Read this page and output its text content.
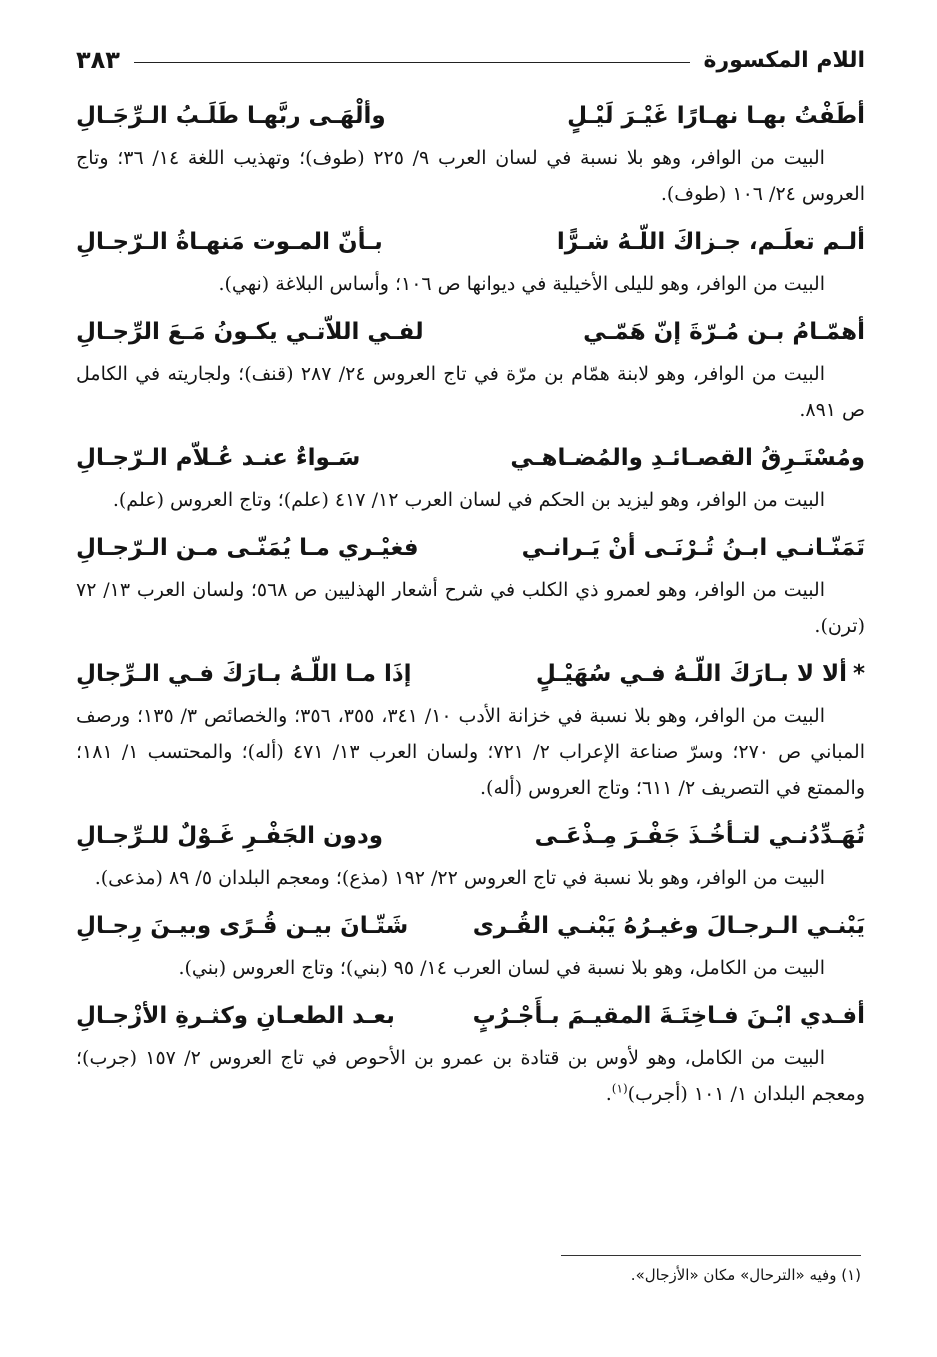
اللام المكسورة
٣٨٣
أطَفْتُ بهـا نهـارًا غَيْـرَ لَيْـلٍ
وألْهَـى ربَّهـا طَلَـبُ الـرِّجَـالِ

البيت من الوافر، وهو بلا نسبة في لسان العرب ٩/ ٢٢٥ (طوف)؛ وتهذيب اللغة ١٤/ ٣٦؛ وتاج العروس ٢٤/ ١٠٦ (طوف).

ألـم تعلَـم، جـزاكَ اللّـهُ شـرًّا
بـأنّ المـوت مَنهـاةُ الـرّجـالِ

البيت من الوافر، وهو لليلى الأخيلية في ديوانها ص ١٠٦؛ وأساس البلاغة (نهي).

أهمّـامُ بـن مُـرّةَ إنّ هَمّـي
لفـي اللاّتـي يكـونُ مَـعَ الرِّجـالِ

البيت من الوافر، وهو لابنة همّام بن مرّة في تاج العروس ٢٤/ ٢٨٧ (قنف)؛ ولجاريته في الكامل ص ٨٩١.

ومُسْتَـرِقُ القصـائـدِ والمُضـاهـي
سَـواءٌ عنـد عُـلاّم الـرّجـالِ

البيت من الوافر، وهو ليزيد بن الحكم في لسان العرب ١٢/ ٤١٧ (علم)؛ وتاج العروس (علم).

تَمَنّـانـي ابـنُ تُـرْنَـى أنْ يَـرانـي
فغيْـري مـا يُمَنّـى مـن الـرّجـالِ

البيت من الوافر، وهو لعمرو ذي الكلب في شرح أشعار الهذليين ص ٥٦٨؛ ولسان العرب ١٣/ ٧٢ (ترن).

*ألا لا بـارَكَ اللّـهُ فـي سُهَيْـلٍ
إذَا مـا اللّـهُ بـارَكَ فـي الـرِّجالِ

البيت من الوافر، وهو بلا نسبة في خزانة الأدب ١٠/ ٣٤١، ٣٥٥، ٣٥٦؛ والخصائص ٣/ ١٣٥؛ ورصف المباني ص ٢٧٠؛ وسرّ صناعة الإعراب ٢/ ٧٢١؛ ولسان العرب ١٣/ ٤٧١ (أله)؛ والمحتسب ١/ ١٨١؛ والممتع في التصريف ٢/ ٦١١؛ وتاج العروس (أله).

تُهَـدِّدُنـي لتـأخُـذَ جَفْـرَ مِـذْعَـى
ودون الجَفْـرِ غَـوْلٌ للـرِّجـالِ

البيت من الوافر، وهو بلا نسبة في تاج العروس ٢٢/ ١٩٢ (مذع)؛ ومعجم البلدان ٥/ ٨٩ (مذعى).

يَبْنـي الـرجـالَ وغيـرُهُ يَبْنـي القُـرى
شَتّـانَ بيـن قُـرًى وبيـنَ رِجـالِ

البيت من الكامل، وهو بلا نسبة في لسان العرب ١٤/ ٩٥ (بني)؛ وتاج العروس (بني).

أفـدي ابْـنَ فـاخِتَـةَ المقيـمَ بـأَجْـرُبٍ
بعـد الطعـانِ وكثـرةِ الأزْجـالِ

البيت من الكامل، وهو لأوس بن قتادة بن عمرو بن الأحوص في تاج العروس ٢/ ١٥٧ (جرب)؛ ومعجم البلدان ١/ ١٠١ (أجرب)$^{(١)}$.

(١) وفيه «الترحال» مكان «الأزجال».
